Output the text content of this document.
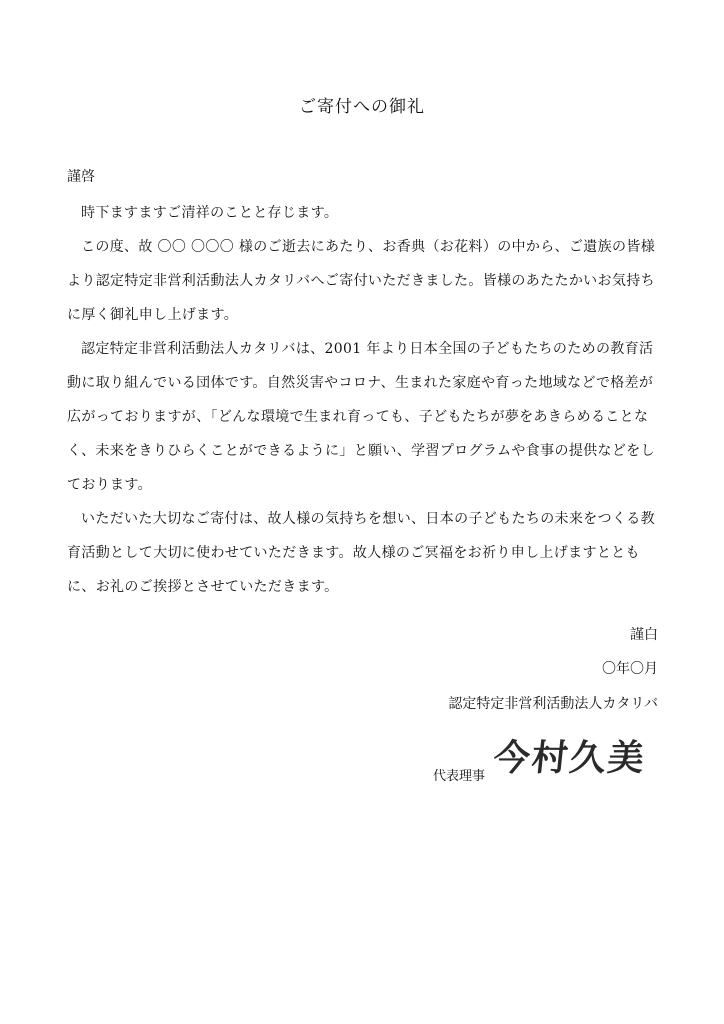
ご寄付への御礼
謹啓

時下ますますご清祥のことと存じます。

この度、故 〇〇 〇〇〇 様のご逝去にあたり、お香典（お花料）の中から、ご遺族の皆様より認定特定非営利活動法人カタリバへご寄付いただきました。皆様のあたたかいお気持ちに厚く御礼申し上げます。

認定特定非営利活動法人カタリバは、2001 年より日本全国の子どもたちのための教育活動に取り組んでいる団体です。自然災害やコロナ、生まれた家庭や育った地域などで格差が広がっておりますが、「どんな環境で生まれ育っても、子どもたちが夢をあきらめることなく、未来をきりひらくことができるように」と願い、学習プログラムや食事の提供などをしております。

いただいた大切なご寄付は、故人様の気持ちを想い、日本の子どもたちの未来をつくる教育活動として大切に使わせていただきます。故人様のご冥福をお祈り申し上げますとともに、お礼のご挨拶とさせていただきます。

謹白
〇年〇月
認定特定非営利活動法人カタリバ
代表理事 今村久美
